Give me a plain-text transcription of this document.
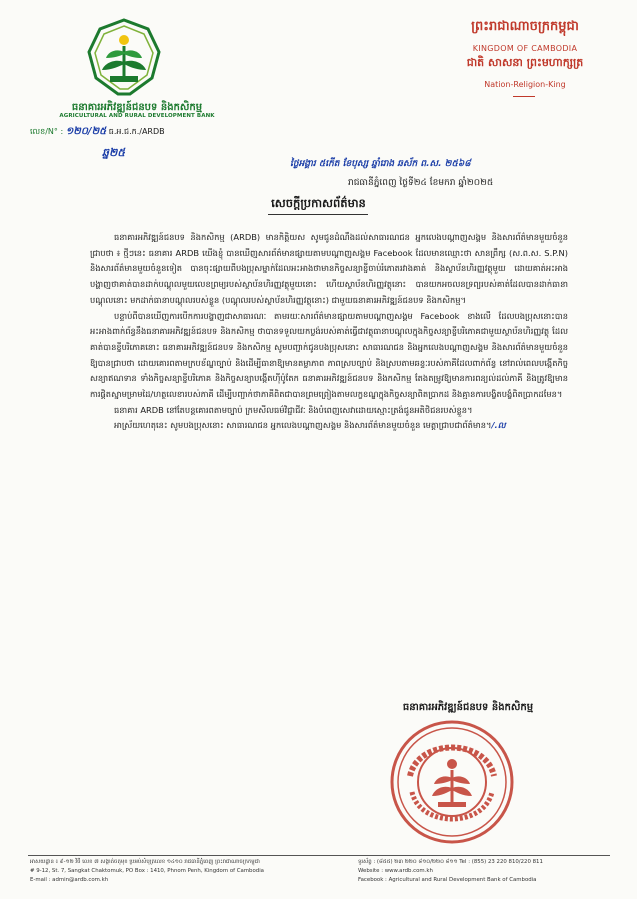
ធនាគារអភិវឌ្ឍន៍ជនបទ និងកសិកម្ម
AGRICULTURAL AND RURAL DEVELOPMENT BANK
ព្រះរាជាណាចក្រកម្ពុជា
KINGDOM OF CAMBODIA
ជាតិ សាសនា ព្រះមហាក្សត្រ
Nation-Religion-King
លេខ/N° : ១២០/២៥ ធ.អ.ជ.ក./ARDB
ឆ្ន២៥
ថ្ងៃអង្គារ ៥កើត ខែបុស្ស ឆ្នាំរោង ឆស័ក ព.ស. ២៥៦៨
រាជធានីភ្នំពេញ ថ្ងៃទី២៤ ខែមករា ឆ្នាំ២០២៥
សេចក្តីប្រកាសព័ត៌មាន

ធនាគារអភិវឌ្ឍន៍ជនបទ និងកសិកម្ម (ARDB) មានកិត្តិយស សូមជូនដំណឹងដល់សាធារណជន អ្នកលេងបណ្តាញសង្គម និងសារព័ត៌មានមួយចំនួន ជ្រាបថា ៖ ថ្មីៗនេះ ធនាគារ ARDB យើងខ្ញុំ បានឃើញសារព័ត៌មានផ្សាយតាមបណ្តាញសង្គម Facebook ដែលមានឈ្មោះថា សានព្រឹក្ស (ស.ព.ស. S.P.N) និងសារព័ត៌មានមួយចំនួនទៀត បានចុះផ្សាយពីបងប្រុសម្នាក់ដែលអះអាងថាមានកិច្ចសន្យាខ្ចីចាប់រំភោតរវាងគាត់ និងស្ថាប័នហិរញ្ញវត្ថុមួយ ដោយគាត់អះអាងបង្ហាញថាគាត់បានដាក់បណ្តុលមួយលេខព្រម្យរបស់ស្ថាប័នហិរញ្ញវត្ថុមួយនោះ ហើយស្ថាប័នហិរញ្ញវត្ថុនោះ បានយកអចលនទ្រព្យរបស់គាត់ដែលបានដាក់ធានាបណ្តុលនោះ មកដាក់ធានាបណ្តុលរបស់ខ្លួន (បណ្តុលរបស់ស្ថាប័នហិរញ្ញវត្ថុនោះ) ជាមួយធនាគារអភិវឌ្ឍន៍ជនបទ និងកសិកម្ម។

បន្ទាប់ពីបានឃើញការបើកការបង្ហាញជាសាធារណៈ តាមរយៈសារព័ត៌មានផ្សាយតាមបណ្តាញសង្គម Facebook ខាងលើ ដែលបងប្រុសនោះបានអះអាងពាក់ព័ន្ធនឹងធនាគារអភិវឌ្ឍន៍ជនបទ និងកសិកម្ម ថាបានទទួលយកប្លង់របស់គាត់ធ្វើជាវត្ថុធានាបណ្តុលក្នុងកិច្ចសន្យាខ្ចីបរិភោគជាមួយស្ថាប័នហិរញ្ញវត្ថុ ដែលគាត់បានខ្ចីបរិភោគនោះ ធនាគារអភិវឌ្ឍន៍ជនបទ និងកសិកម្ម សូមបញ្ជាក់ជូនបងប្រុសនោះ សាធារណជន និងអ្នកលេងបណ្តាញសង្គម និងសារព័ត៌មានមួយចំនួន ឱ្យបានជ្រាបថា ដោយគោរពតាមក្របខ័ណ្ឌច្បាប់ និងដើម្បីធានាឱ្យមានតម្លាភាព ភាពស្របច្បាប់ និងស្របតាមឆន្ទៈរបស់ភាគីដែលពាក់ព័ន្ធ នៅរាល់ពេលបង្កើតកិច្ចសន្យាឥណទាន ទាំងកិច្ចសន្យាខ្ចីបរិភោគ និងកិច្ចសន្យាបង្កើតហ៊ីប៉ូតែក ធនាគារអភិវឌ្ឍន៍ជនបទ និងកសិកម្ម តែងតម្រូវឱ្យមានការពន្យល់ដល់ភាគី និងត្រូវឱ្យមានការផ្តិតស្នាមម្រាមដៃ/ហត្ថលេខារបស់ភាគី ដើម្បីបញ្ជាក់ថាភាគីពិតជាបានព្រមព្រៀងតាមលក្ខខណ្ឌក្នុងកិច្ចសន្យាពិតប្រាកដ និងគ្មានការបង្ខិតបង្ខំពិតប្រាកដមែន។

ធនាគារ ARDB នៅតែបន្តគោរពតាមច្បាប់ ក្រមសីលធម៌វិជ្ជាជីវៈ និងបំពេញសេវាដោយស្មោះត្រង់ជូនអតិថិជនរបស់ខ្លួន។

អាស្រ័យហេតុនេះ សូមបងប្រុសនោះ សាធារណជន អ្នកលេងបណ្តាញសង្គម និងសារព័ត៌មានមួយចំនួន មេត្តាជ្រាបជាព័ត៌មាន។/.ល

ធនាគារអភិវឌ្ឍន៍ជនបទ និងកសិកម្ម
អាសយដ្ឋាន ៖ ៩-១២ វិថី លេខ ៧ សង្កាត់ចតុមុខ ប្រអប់សំបុត្រលេខ ១៤១០ រាជធានីភ្នំពេញ ព្រះរាជាណាចក្រកម្ពុជា
# 9-12, St. 7, Sangkat Chaktomuk, PO Box : 1410, Phnom Penh, Kingdom of Cambodia
E-mail : admin@ardb.com.kh
ទូរស័ព្ទ : (៨៥៥) ២៣ ២២០ ៨១០/២២០ ៨១១ Tel : (855) 23 220 810/220 811
Website : www.ardb.com.kh
Facebook : Agricultural and Rural Development Bank of Cambodia
